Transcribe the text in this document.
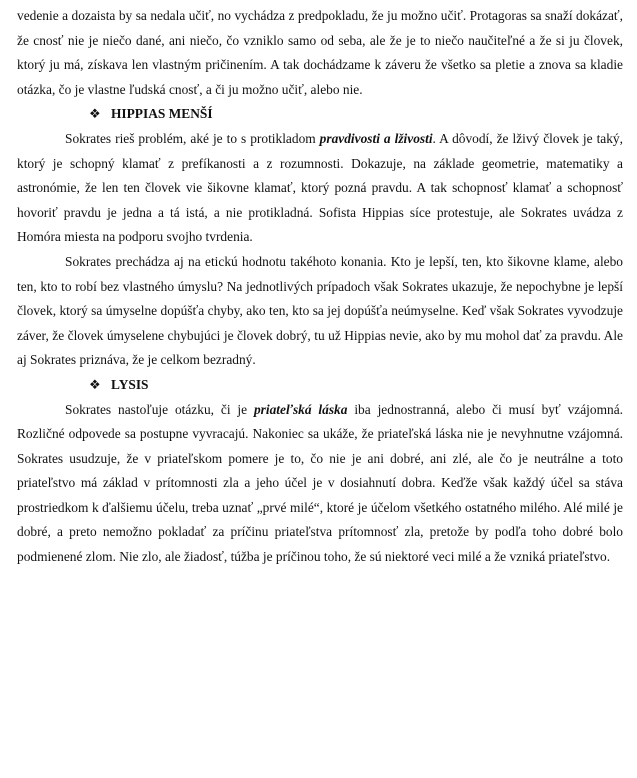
vedenie a dozaista by sa nedala učiť, no vychádza z predpokladu, že ju možno učiť. Protagoras sa snaží dokázať, že cnosť nie je niečo dané, ani niečo, čo vzniklo samo od seba, ale že je to niečo naučiteľné a že si ju človek, ktorý ju má, získava len vlastným pričinením. A tak dochádzame k záveru že všetko sa pletie a znova sa kladie otázka, čo je vlastne ľudská cnosť, a či ju možno učiť, alebo nie.

❖ HIPPIAS MENŠÍ

Sokrates rieš problém, aké je to s protikladom pravdivosti a lživosti. A dôvodí, že lživý človek je taký, ktorý je schopný klamať z prefíkanosti a z rozumnosti. Dokazuje, na základe geometrie, matematiky a astronómie, že len ten človek vie šikovne klamať, ktorý pozná pravdu. A tak schopnosť klamať a schopnosť hovoriť pravdu je jedna a tá istá, a nie protikladná. Sofista Hippias síce protestuje, ale Sokrates uvádza z Homóra miesta na podporu svojho tvrdenia.

Sokrates prechádza aj na etickú hodnotu takéhoto konania. Kto je lepší, ten, kto šikovne klame, alebo ten, kto to robí bez vlastného úmyslu? Na jednotlivých prípadoch však Sokrates ukazuje, že nepochybne je lepší človek, ktorý sa úmyselne dopúšťa chyby, ako ten, kto sa jej dopúšťa neúmyselne. Keď však Sokrates vyvodzuje záver, že človek úmyselene chybujúci je človek dobrý, tu už Hippias nevie, ako by mu mohol dať za pravdu. Ale aj Sokrates priznáva, že je celkom bezradný.

❖ LYSIS

Sokrates nastoľuje otázku, či je priateľská láska iba jednostranná, alebo či musí byť vzájomná. Rozličné odpovede sa postupne vyvracajú. Nakoniec sa ukáže, že priateľská láska nie je nevyhnutne vzájomná. Sokrates usudzuje, že v priateľskom pomere je to, čo nie je ani dobré, ani zlé, ale čo je neutrálne a toto priateľstvo má základ v prítomnosti zla a jeho účel je v dosiahnutí dobra. Keďže však každý účel sa stáva prostriedkom k ďalšiemu účelu, treba uznať „prvé milé“, ktoré je účelom všetkého ostatného milého. Alé milé je dobré, a preto nemožno pokladať za príčinu priateľstva prítomnosť zla, pretože by podľa toho dobré bolo podmienené zlom. Nie zlo, ale žiadosť, túžba je príčinou toho, že sú niektoré veci milé a že vzniká priateľstvo.
